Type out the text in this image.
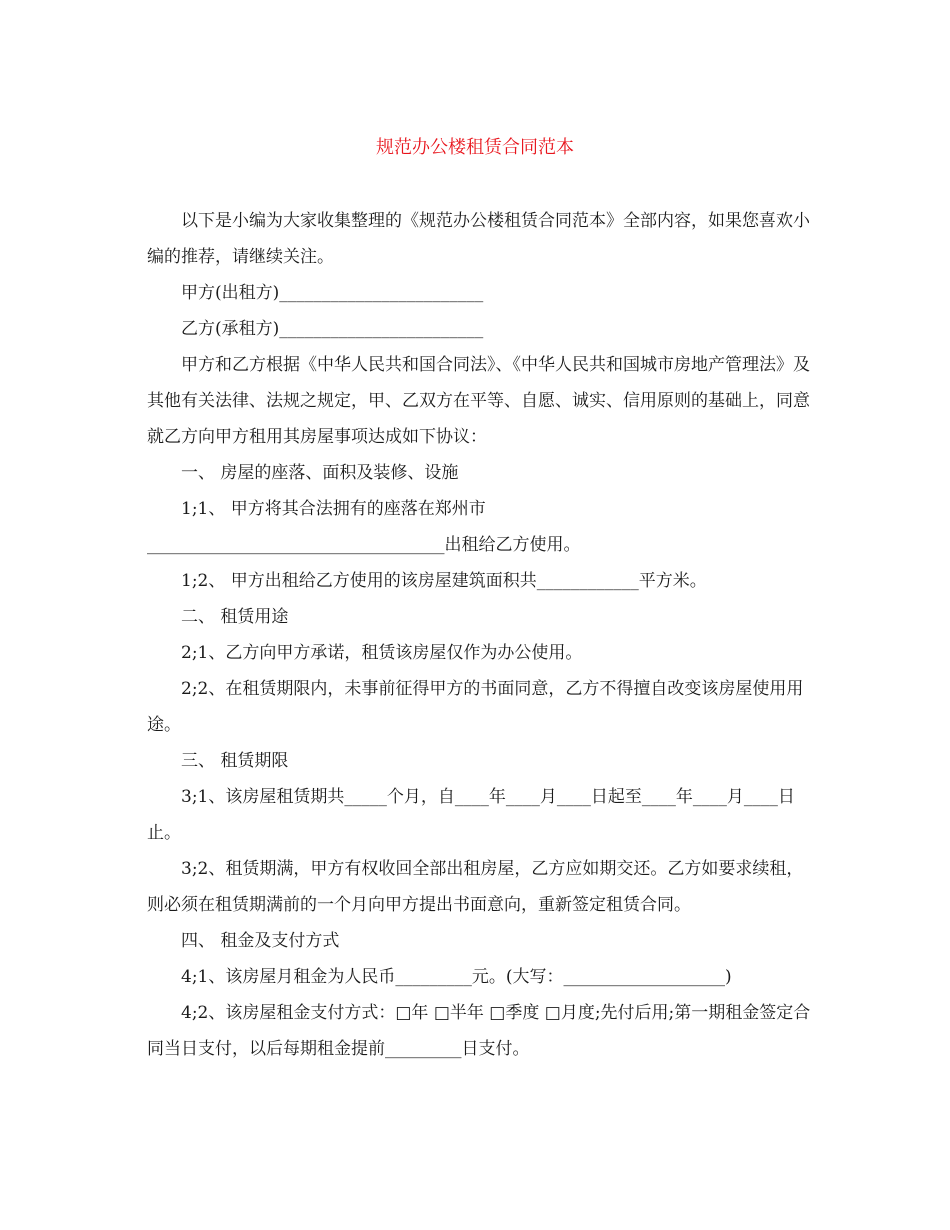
规范办公楼租赁合同范本

以下是小编为大家收集整理的《规范办公楼租赁合同范本》全部内容，如果您喜欢小编的推荐，请继续关注。

甲方(出租方)________________________

乙方(承租方)________________________

甲方和乙方根据《中华人民共和国合同法》、《中华人民共和国城市房地产管理法》及其他有关法律、法规之规定，甲、乙双方在平等、自愿、诚实、信用原则的基础上，同意就乙方向甲方租用其房屋事项达成如下协议：

一、 房屋的座落、面积及装修、设施

1;1、 甲方将其合法拥有的座落在郑州市

___________________________________出租给乙方使用。

1;2、 甲方出租给乙方使用的该房屋建筑面积共____________平方米。

二、 租赁用途

2;1、乙方向甲方承诺，租赁该房屋仅作为办公使用。

2;2、在租赁期限内，未事前征得甲方的书面同意，乙方不得擅自改变该房屋使用用途。

三、 租赁期限

3;1、该房屋租赁期共_____个月，自____年____月____日起至____年____月____日止。

3;2、租赁期满，甲方有权收回全部出租房屋，乙方应如期交还。乙方如要求续租，则必须在租赁期满前的一个月向甲方提出书面意向，重新签定租赁合同。

四、 租金及支付方式

4;1、该房屋月租金为人民币_________元。(大写：___________________)

4;2、该房屋租金支付方式：□年 □半年 □季度 □月度;先付后用;第一期租金签定合同当日支付，以后每期租金提前_________日支付。
